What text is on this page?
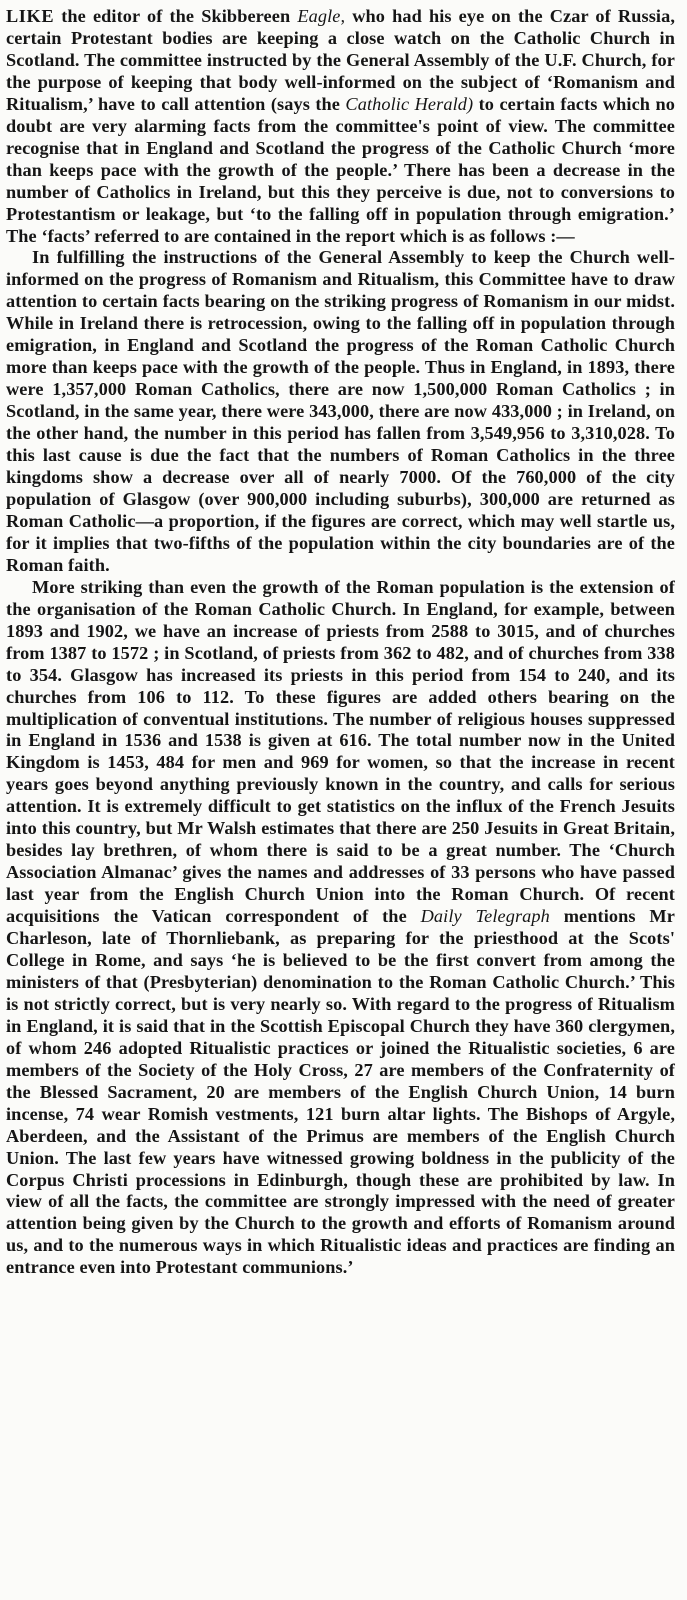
LIKE the editor of the Skibbereen Eagle, who had his eye on the Czar of Russia, certain Protestant bodies are keeping a close watch on the Catholic Church in Scotland. The committee instructed by the General Assembly of the U.F. Church, for the purpose of keeping that body well-informed on the subject of ‘Romanism and Ritualism,’ have to call attention (says the Catholic Herald) to certain facts which no doubt are very alarming facts from the committee's point of view. The committee recognise that in England and Scotland the progress of the Catholic Church ‘more than keeps pace with the growth of the people.’ There has been a decrease in the number of Catholics in Ireland, but this they perceive is due, not to conversions to Protestantism or leakage, but ‘to the falling off in population through emigration.’ The ‘facts’ referred to are contained in the report which is as follows :—

In fulfilling the instructions of the General Assembly to keep the Church well-informed on the progress of Romanism and Ritualism, this Committee have to draw attention to certain facts bearing on the striking progress of Romanism in our midst. While in Ireland there is retrocession, owing to the falling off in population through emigration, in England and Scotland the progress of the Roman Catholic Church more than keeps pace with the growth of the people. Thus in England, in 1893, there were 1,357,000 Roman Catholics, there are now 1,500,000 Roman Catholics ; in Scotland, in the same year, there were 343,000, there are now 433,000 ; in Ireland, on the other hand, the number in this period has fallen from 3,549,956 to 3,310,028. To this last cause is due the fact that the numbers of Roman Catholics in the three kingdoms show a decrease over all of nearly 7000. Of the 760,000 of the city population of Glasgow (over 900,000 including suburbs), 300,000 are returned as Roman Catholic—a proportion, if the figures are correct, which may well startle us, for it implies that two-fifths of the population within the city boundaries are of the Roman faith.

More striking than even the growth of the Roman population is the extension of the organisation of the Roman Catholic Church. In England, for example, between 1893 and 1902, we have an increase of priests from 2588 to 3015, and of churches from 1387 to 1572 ; in Scotland, of priests from 362 to 482, and of churches from 338 to 354. Glasgow has increased its priests in this period from 154 to 240, and its churches from 106 to 112. To these figures are added others bearing on the multiplication of conventual institutions. The number of religious houses suppressed in England in 1536 and 1538 is given at 616. The total number now in the United Kingdom is 1453, 484 for men and 969 for women, so that the increase in recent years goes beyond anything previously known in the country, and calls for serious attention. It is extremely difficult to get statistics on the influx of the French Jesuits into this country, but Mr Walsh estimates that there are 250 Jesuits in Great Britain, besides lay brethren, of whom there is said to be a great number. The ‘Church Association Almanac’ gives the names and addresses of 33 persons who have passed last year from the English Church Union into the Roman Church. Of recent acquisitions the Vatican correspondent of the Daily Telegraph mentions Mr Charleson, late of Thornliebank, as preparing for the priesthood at the Scots' College in Rome, and says ‘he is believed to be the first convert from among the ministers of that (Presbyterian) denomination to the Roman Catholic Church.’ This is not strictly correct, but is very nearly so. With regard to the progress of Ritualism in England, it is said that in the Scottish Episcopal Church they have 360 clergymen, of whom 246 adopted Ritualistic practices or joined the Ritualistic societies, 6 are members of the Society of the Holy Cross, 27 are members of the Confraternity of the Blessed Sacrament, 20 are members of the English Church Union, 14 burn incense, 74 wear Romish vestments, 121 burn altar lights. The Bishops of Argyle, Aberdeen, and the Assistant of the Primus are members of the English Church Union. The last few years have witnessed growing boldness in the publicity of the Corpus Christi processions in Edinburgh, though these are prohibited by law. In view of all the facts, the committee are strongly impressed with the need of greater attention being given by the Church to the growth and efforts of Romanism around us, and to the numerous ways in which Ritualistic ideas and practices are finding an entrance even into Protestant communions.’
